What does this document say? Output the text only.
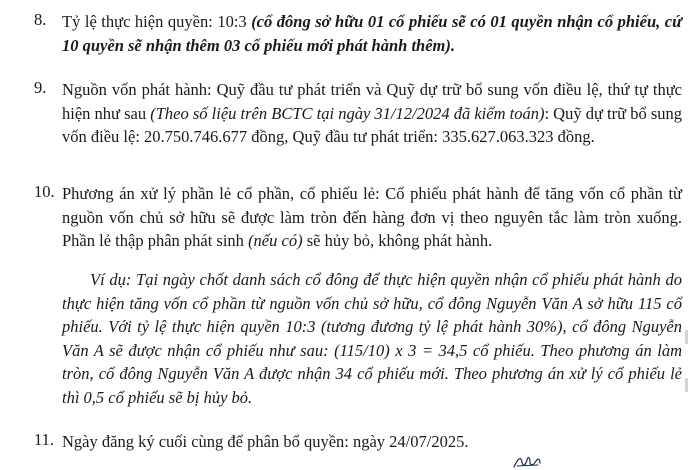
8. Tỷ lệ thực hiện quyền: 10:3 (cổ đông sở hữu 01 cổ phiếu sẽ có 01 quyền nhận cổ phiếu, cứ 10 quyền sẽ nhận thêm 03 cổ phiếu mới phát hành thêm).
9. Nguồn vốn phát hành: Quỹ đầu tư phát triển và Quỹ dự trữ bổ sung vốn điều lệ, thứ tự thực hiện như sau (Theo số liệu trên BCTC tại ngày 31/12/2024 đã kiểm toán): Quỹ dự trữ bổ sung vốn điều lệ: 20.750.746.677 đồng, Quỹ đầu tư phát triển: 335.627.063.323 đồng.
10. Phương án xử lý phần lẻ cổ phần, cổ phiếu lẻ: Cổ phiếu phát hành để tăng vốn cổ phần từ nguồn vốn chủ sở hữu sẽ được làm tròn đến hàng đơn vị theo nguyên tắc làm tròn xuống. Phần lẻ thập phân phát sinh (nếu có) sẽ hủy bỏ, không phát hành.
Ví dụ: Tại ngày chốt danh sách cổ đông để thực hiện quyền nhận cổ phiếu phát hành do thực hiện tăng vốn cổ phần từ nguồn vốn chủ sở hữu, cổ đông Nguyễn Văn A sở hữu 115 cổ phiếu. Với tỷ lệ thực hiện quyền 10:3 (tương đương tỷ lệ phát hành 30%), cổ đông Nguyễn Văn A sẽ được nhận cổ phiếu như sau: (115/10) x 3 = 34,5 cổ phiếu. Theo phương án làm tròn, cổ đông Nguyễn Văn A được nhận 34 cổ phiếu mới. Theo phương án xử lý cổ phiếu lẻ thì 0,5 cổ phiếu sẽ bị hủy bỏ.
11. Ngày đăng ký cuối cùng để phân bổ quyền: ngày 24/07/2025.
